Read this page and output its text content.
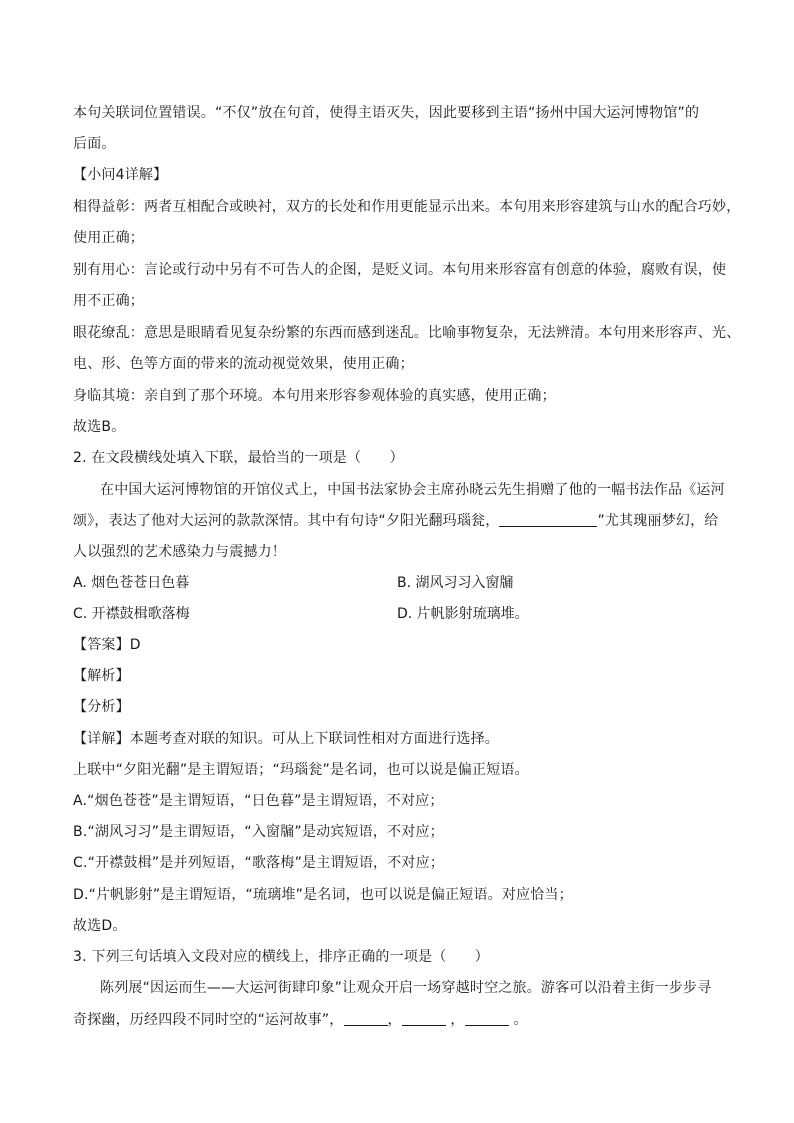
本句关联词位置错误。“不仅”放在句首，使得主语灭失，因此要移到主语“扬州中国大运河博物馆”的
后面。
【小问4详解】
相得益彰：两者互相配合或映衬，双方的长处和作用更能显示出来。本句用来形容建筑与山水的配合巧妙，
使用正确；
别有用心：言论或行动中另有不可告人的企图，是贬义词。本句用来形容富有创意的体验，腐败有误，使
用不正确；
眼花缭乱：意思是眼睛看见复杂纷繁的东西而感到迷乱。比喻事物复杂，无法辨清。本句用来形容声、光、
电、形、色等方面的带来的流动视觉效果，使用正确；
身临其境：亲自到了那个环境。本句用来形容参观体验的真实感，使用正确；
故选B。
2. 在文段横线处填入下联，最恰当的一项是（　　）
在中国大运河博物馆的开馆仪式上，中国书法家协会主席孙晓云先生捐赠了他的一幅书法作品《运河
颂》，表达了他对大运河的款款深情。其中有句诗“夕阳光翻玛瑙瓮，	”尤其瑰丽梦幻，给
人以强烈的艺术感染力与震撼力！
A. 烟色苍苍日色暮	B. 湖风习习入窗牖
C. 开襟鼓楫歌落梅	D. 片帆影射琉璃堆。
【答案】D
【解析】
【分析】
【详解】本题考查对联的知识。可从上下联词性相对方面进行选择。
上联中“夕阳光翻”是主谓短语；“玛瑙瓮”是名词，也可以说是偏正短语。
A.“烟色苍苍”是主谓短语，“日色暮”是主谓短语，不对应；
B.“湖风习习”是主谓短语，“入窗牖”是动宾短语，不对应；
C.“开襟鼓楫”是并列短语，“歌落梅”是主谓短语，不对应；
D.“片帆影射”是主谓短语，“琉璃堆”是名词，也可以说是偏正短语。对应恰当；
故选D。
3. 下列三句话填入文段对应的横线上，排序正确的一项是（　　）
陈列展“因运而生——大运河街肆印象”让观众开启一场穿越时空之旅。游客可以沿着主街一步步寻
奇探幽，历经四段不同时空的“运河故事”，	，	，	。
